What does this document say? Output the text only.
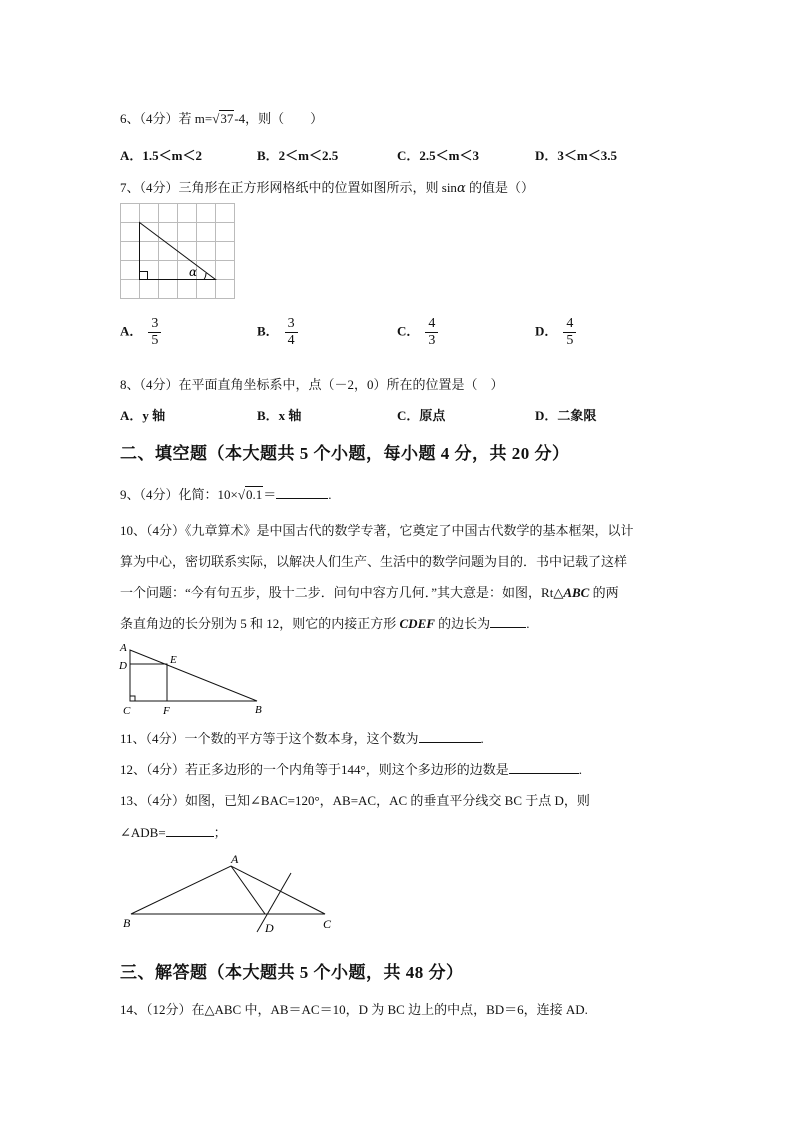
6、（4分）若 m=√37-4，则（　　）
A．1.5＜m＜2	B．2＜m＜2.5	C．2.5＜m＜3	D．3＜m＜3.5
7、（4分）三角形在正方形网格纸中的位置如图所示，则 sinα 的值是（）
α
A． $\frac{3}{5}$	B． $\frac{3}{4}$	C． $\frac{4}{3}$	D． $\frac{4}{5}$
8、（4分）在平面直角坐标系中，点（－2，0）所在的位置是（　）
A．y 轴	B．x 轴	C．原点	D．二象限
二、填空题（本大题共 5 个小题，每小题 4 分，共 20 分）
9、（4分）化简：10×√0.1＝	.
10、（4分）《九章算术》是中国古代的数学专著，它奠定了中国古代数学的基本框架，以计
算为中心，密切联系实际，以解决人们生产、生活中的数学问题为目的．书中记载了这样
一个问题：“今有句五步，股十二步．问句中容方几何．”其大意是：如图，Rt△ABC 的两
条直角边的长分别为 5 和 12，则它的内接正方形 CDEF 的边长为	.
A
D	E
C	F	B
11、（4分）一个数的平方等于这个数本身，这个数为	.
12、（4分）若正多边形的一个内角等于144°，则这个多边形的边数是	.
13、（4分）如图，已知∠BAC=120°，AB=AC，AC 的垂直平分线交 BC 于点 D，则
∠ADB=	；
A
B	C
D
三、解答题（本大题共 5 个小题，共 48 分）
14、（12分）在△ABC 中，AB＝AC＝10，D 为 BC 边上的中点，BD＝6，连接 AD.
